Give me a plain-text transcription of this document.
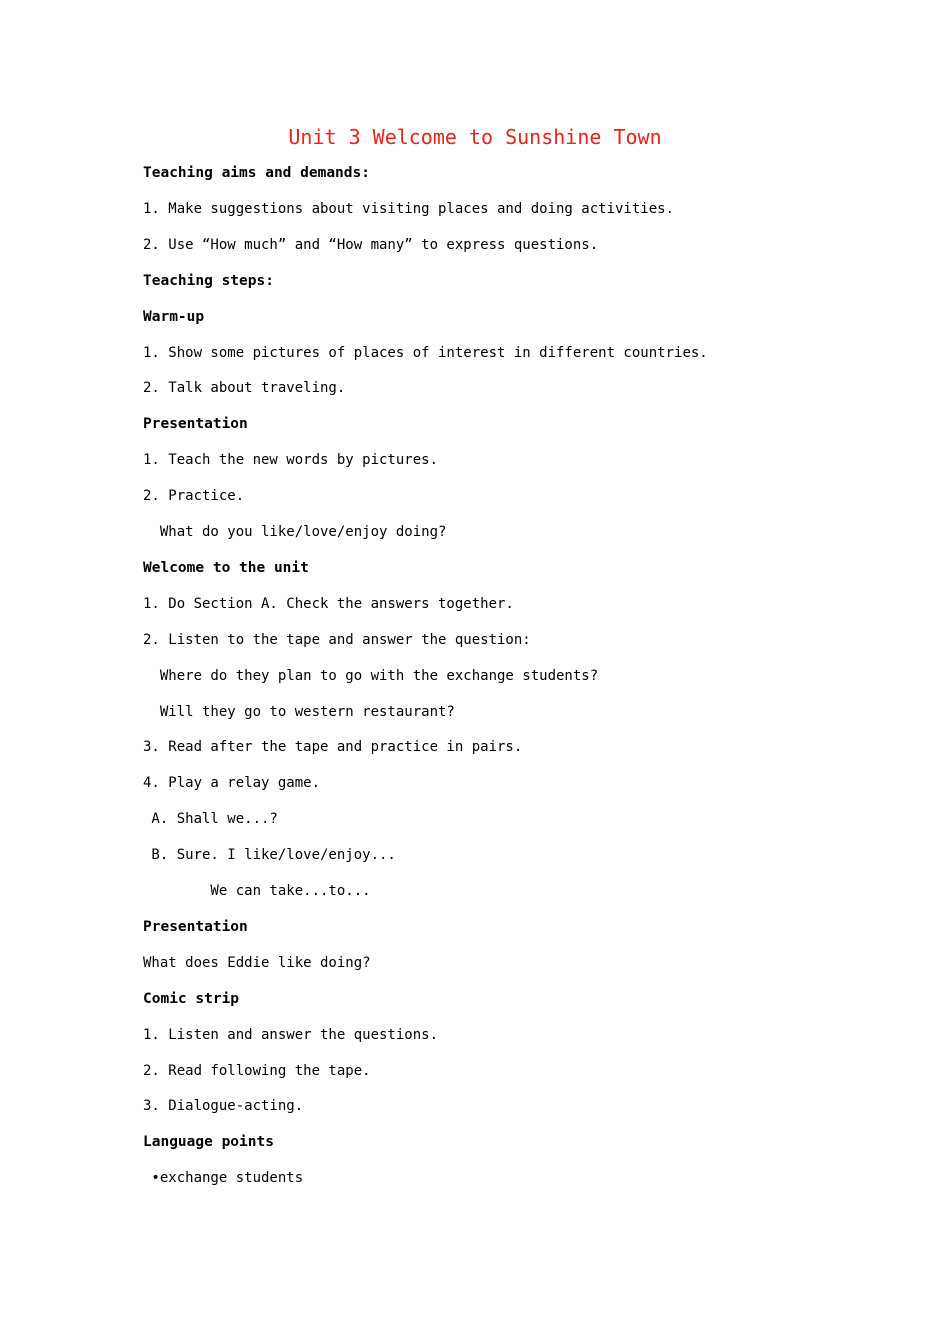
Unit 3 Welcome to Sunshine Town
Teaching aims and demands:
1. Make suggestions about visiting places and doing activities.
2. Use “How much” and “How many” to express questions.
Teaching steps:
Warm-up
1. Show some pictures of places of interest in different countries.
2. Talk about traveling.
Presentation
1. Teach the new words by pictures.
2. Practice.
What do you like/love/enjoy doing?
Welcome to the unit
1. Do Section A. Check the answers together.
2. Listen to the tape and answer the question:
Where do they plan to go with the exchange students?
Will they go to western restaurant?
3. Read after the tape and practice in pairs.
4. Play a relay game.
A. Shall we...?
B. Sure. I like/love/enjoy...
We can take...to...
Presentation
What does Eddie like doing?
Comic strip
1. Listen and answer the questions.
2. Read following the tape.
3. Dialogue-acting.
Language points
•exchange students
